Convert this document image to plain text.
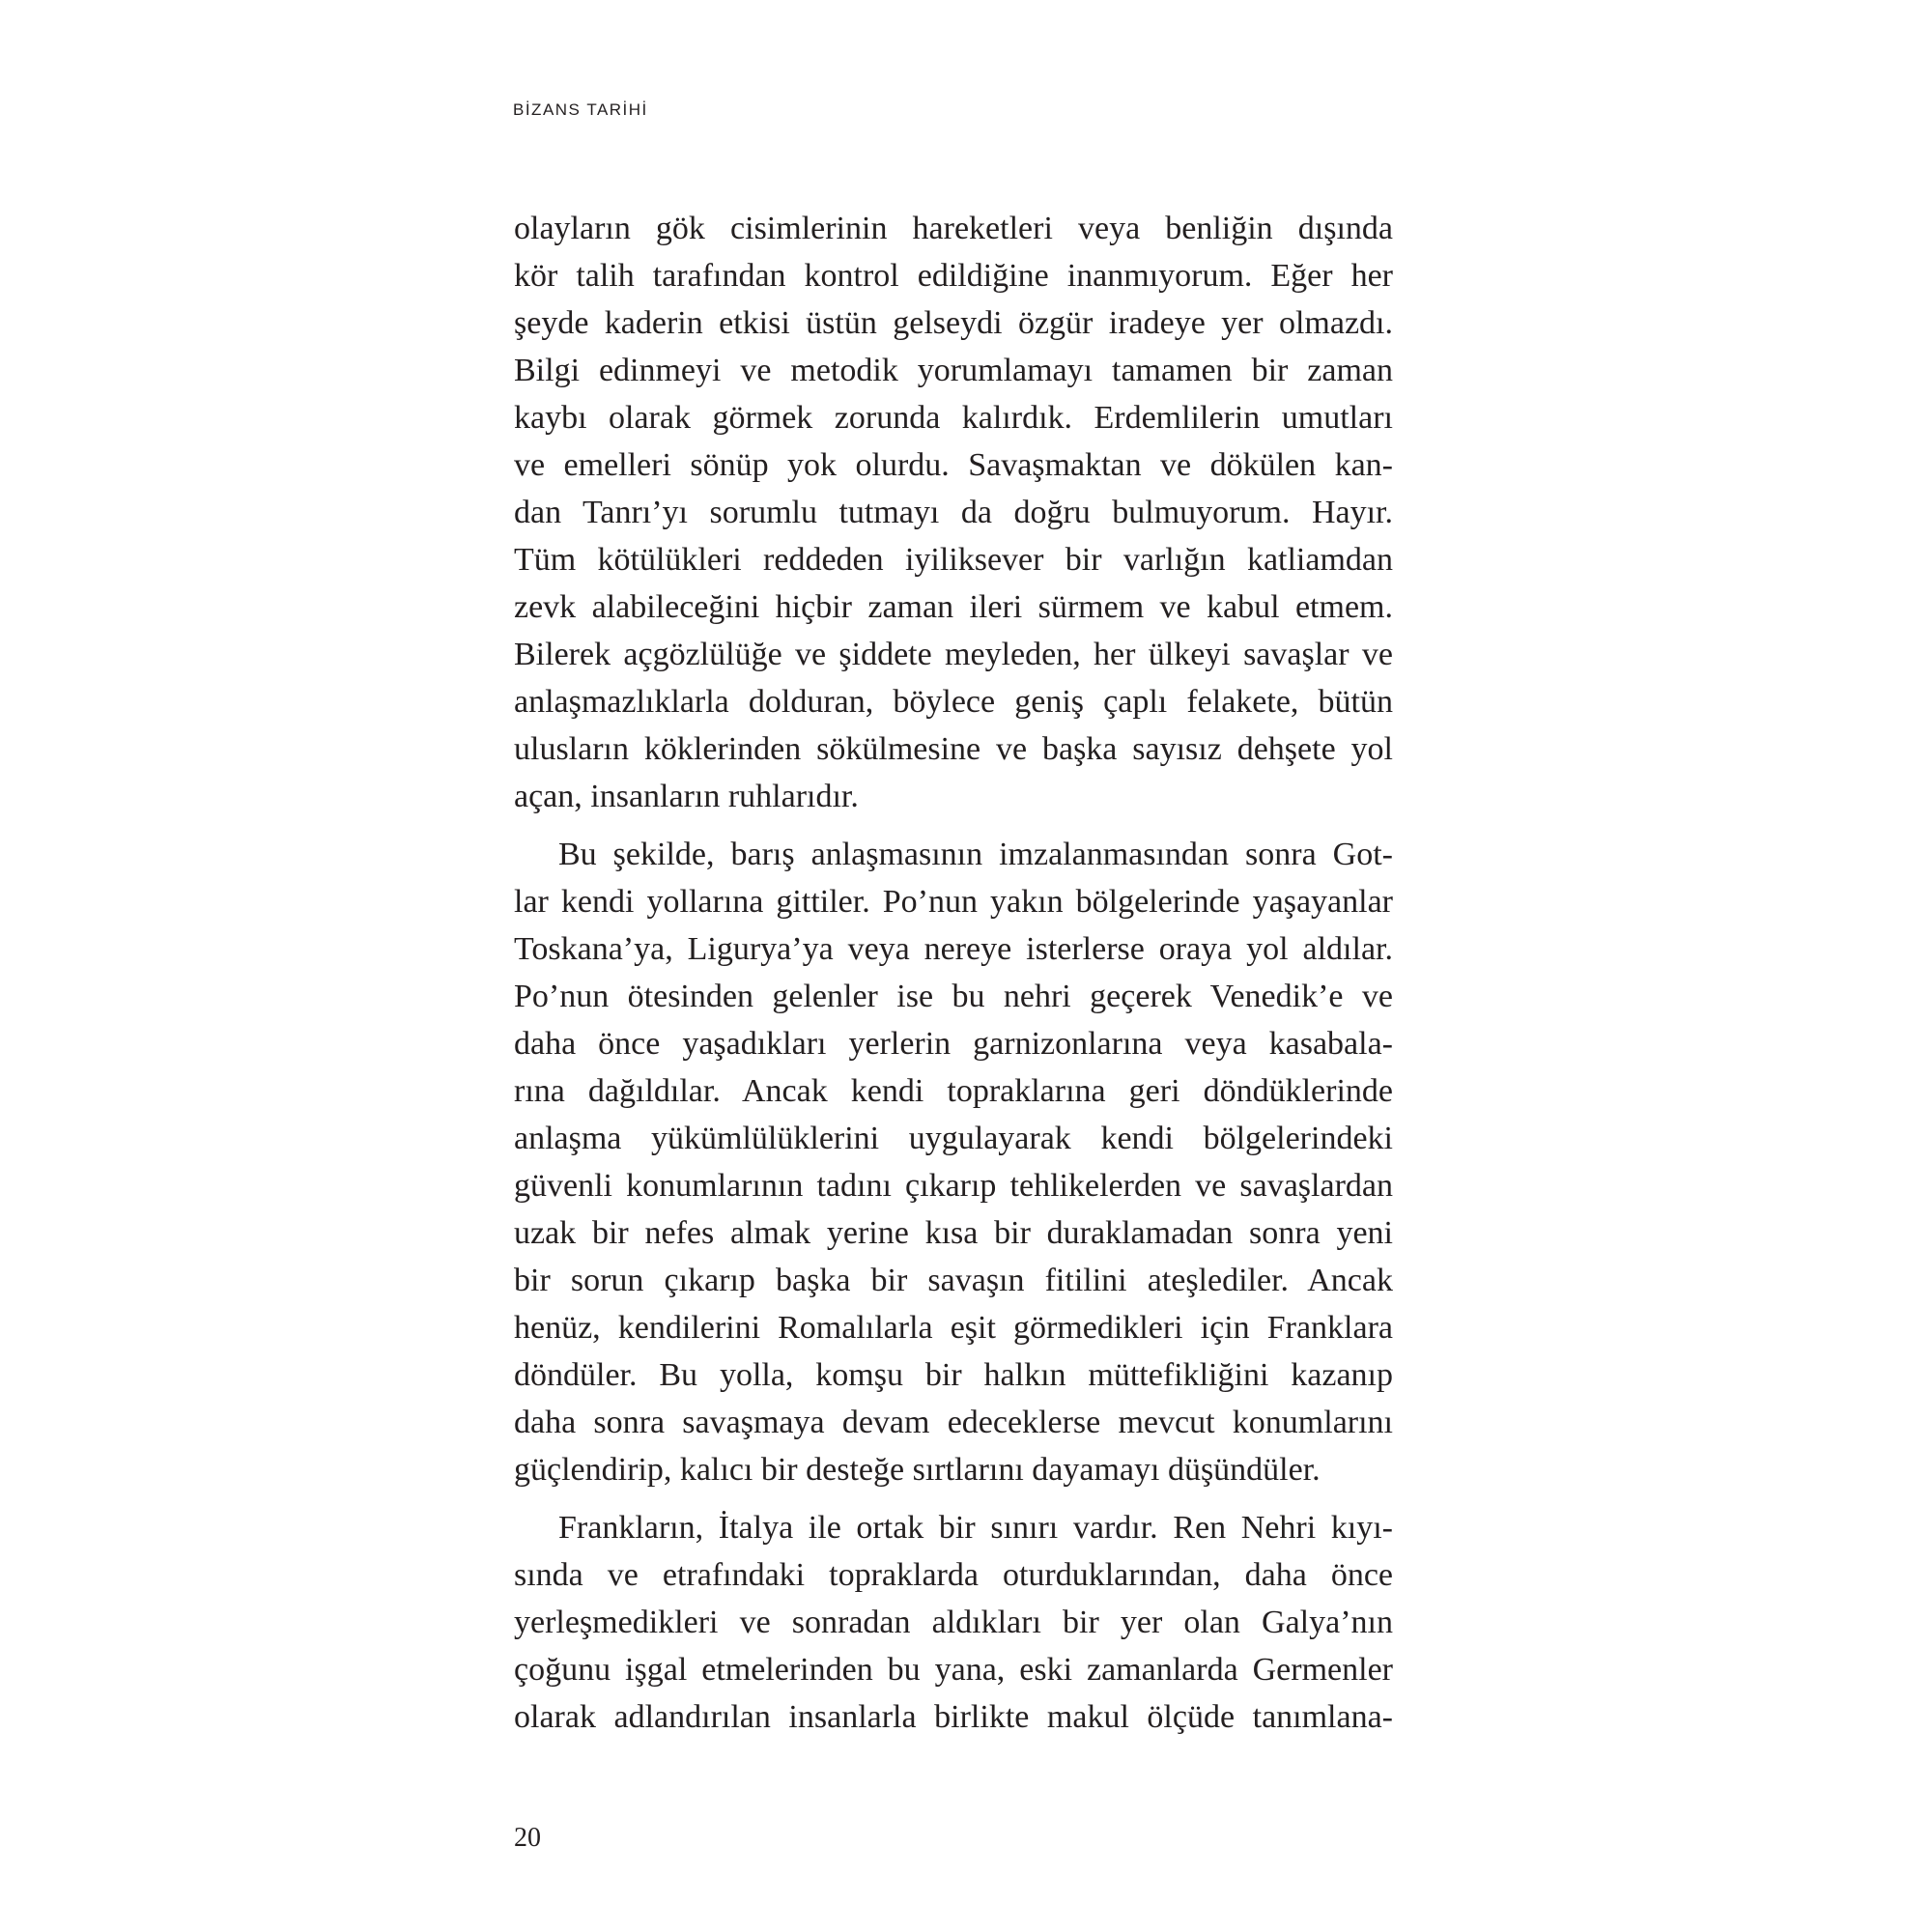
BİZANS TARİHİ
olayların gök cisimlerinin hareketleri veya benliğin dışında
kör talih tarafından kontrol edildiğine inanmıyorum. Eğer her
şeyde kaderin etkisi üstün gelseydi özgür iradeye yer olmazdı.
Bilgi edinmeyi ve metodik yorumlamayı tamamen bir zaman
kaybı olarak görmek zorunda kalırdık. Erdemlilerin umutları
ve emelleri sönüp yok olurdu. Savaşmaktan ve dökülen kan-
dan Tanrı’yı sorumlu tutmayı da doğru bulmuyorum. Hayır.
Tüm kötülükleri reddeden iyiliksever bir varlığın katliamdan
zevk alabileceğini hiçbir zaman ileri sürmem ve kabul etmem.
Bilerek açgözlülüğe ve şiddete meyleden, her ülkeyi savaşlar ve
anlaşmazlıklarla dolduran, böylece geniş çaplı felakete, bütün
ulusların köklerinden sökülmesine ve başka sayısız dehşete yol
açan, insanların ruhlarıdır.
Bu şekilde, barış anlaşmasının imzalanmasından sonra Got-
lar kendi yollarına gittiler. Po’nun yakın bölgelerinde yaşayanlar
Toskana’ya, Ligurya’ya veya nereye isterlerse oraya yol aldılar.
Po’nun ötesinden gelenler ise bu nehri geçerek Venedik’e ve
daha önce yaşadıkları yerlerin garnizonlarına veya kasabala-
rına dağıldılar. Ancak kendi topraklarına geri döndüklerinde
anlaşma yükümlülüklerini uygulayarak kendi bölgelerindeki
güvenli konumlarının tadını çıkarıp tehlikelerden ve savaşlardan
uzak bir nefes almak yerine kısa bir duraklamadan sonra yeni
bir sorun çıkarıp başka bir savaşın fitilini ateşlediler. Ancak
henüz, kendilerini Romalılarla eşit görmedikleri için Franklara
döndüler. Bu yolla, komşu bir halkın müttefikliğini kazanıp
daha sonra savaşmaya devam edeceklerse mevcut konumlarını
güçlendirip, kalıcı bir desteğe sırtlarını dayamayı düşündüler.
Frankların, İtalya ile ortak bir sınırı vardır. Ren Nehri kıyı-
sında ve etrafındaki topraklarda oturduklarından, daha önce
yerleşmedikleri ve sonradan aldıkları bir yer olan Galya’nın
çoğunu işgal etmelerinden bu yana, eski zamanlarda Germenler
olarak adlandırılan insanlarla birlikte makul ölçüde tanımlana-
20
